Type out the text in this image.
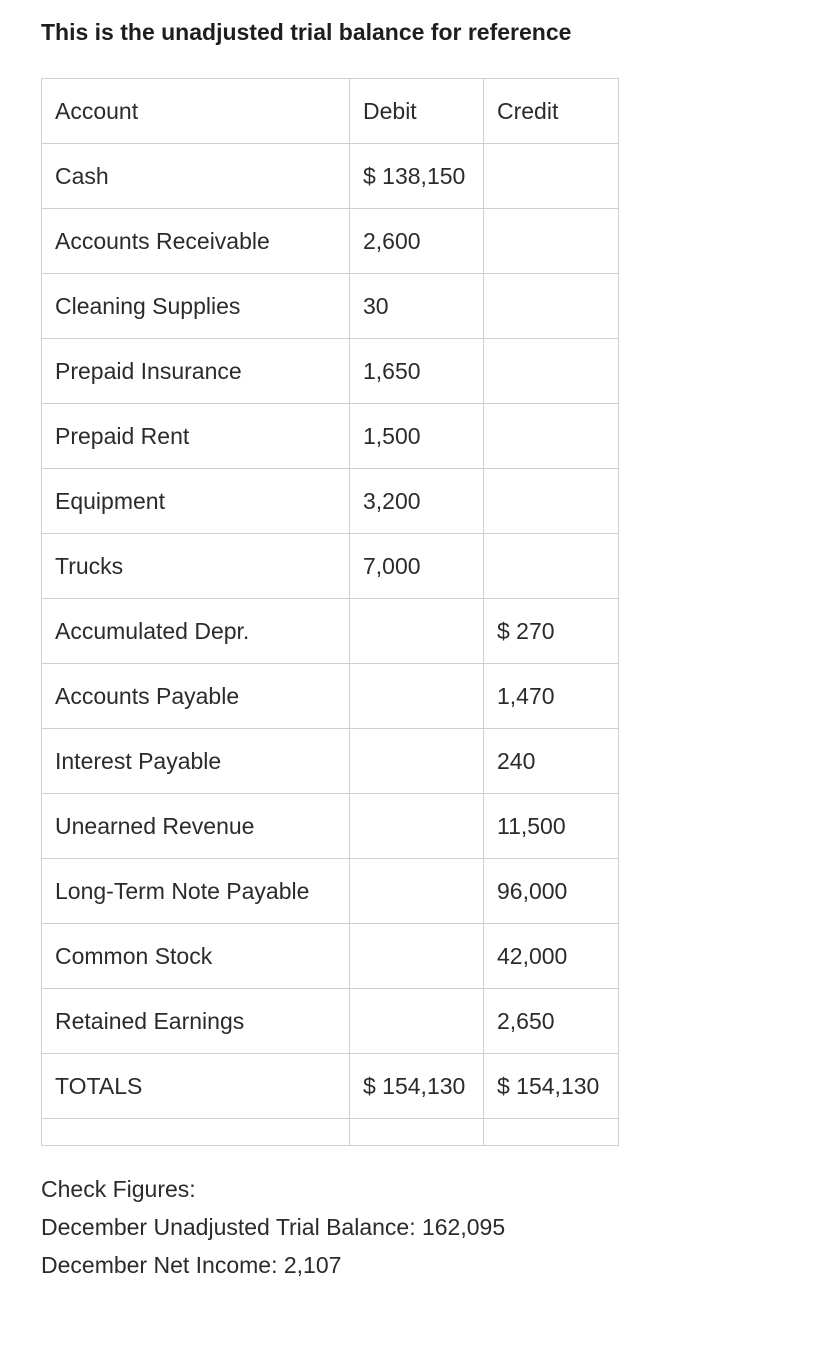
This is the unadjusted trial balance for reference
Account	Debit	Credit
Cash	$ 138,150	
Accounts Receivable	2,600	
Cleaning Supplies	30	
Prepaid Insurance	1,650	
Prepaid Rent	1,500	
Equipment	3,200	
Trucks	7,000	
Accumulated Depr.		$ 270
Accounts Payable		1,470
Interest Payable		240
Unearned Revenue		11,500
Long-Term Note Payable		96,000
Common Stock		42,000
Retained Earnings		2,650
TOTALS	$ 154,130	$ 154,130

Check Figures:
December Unadjusted Trial Balance: 162,095
December Net Income: 2,107
